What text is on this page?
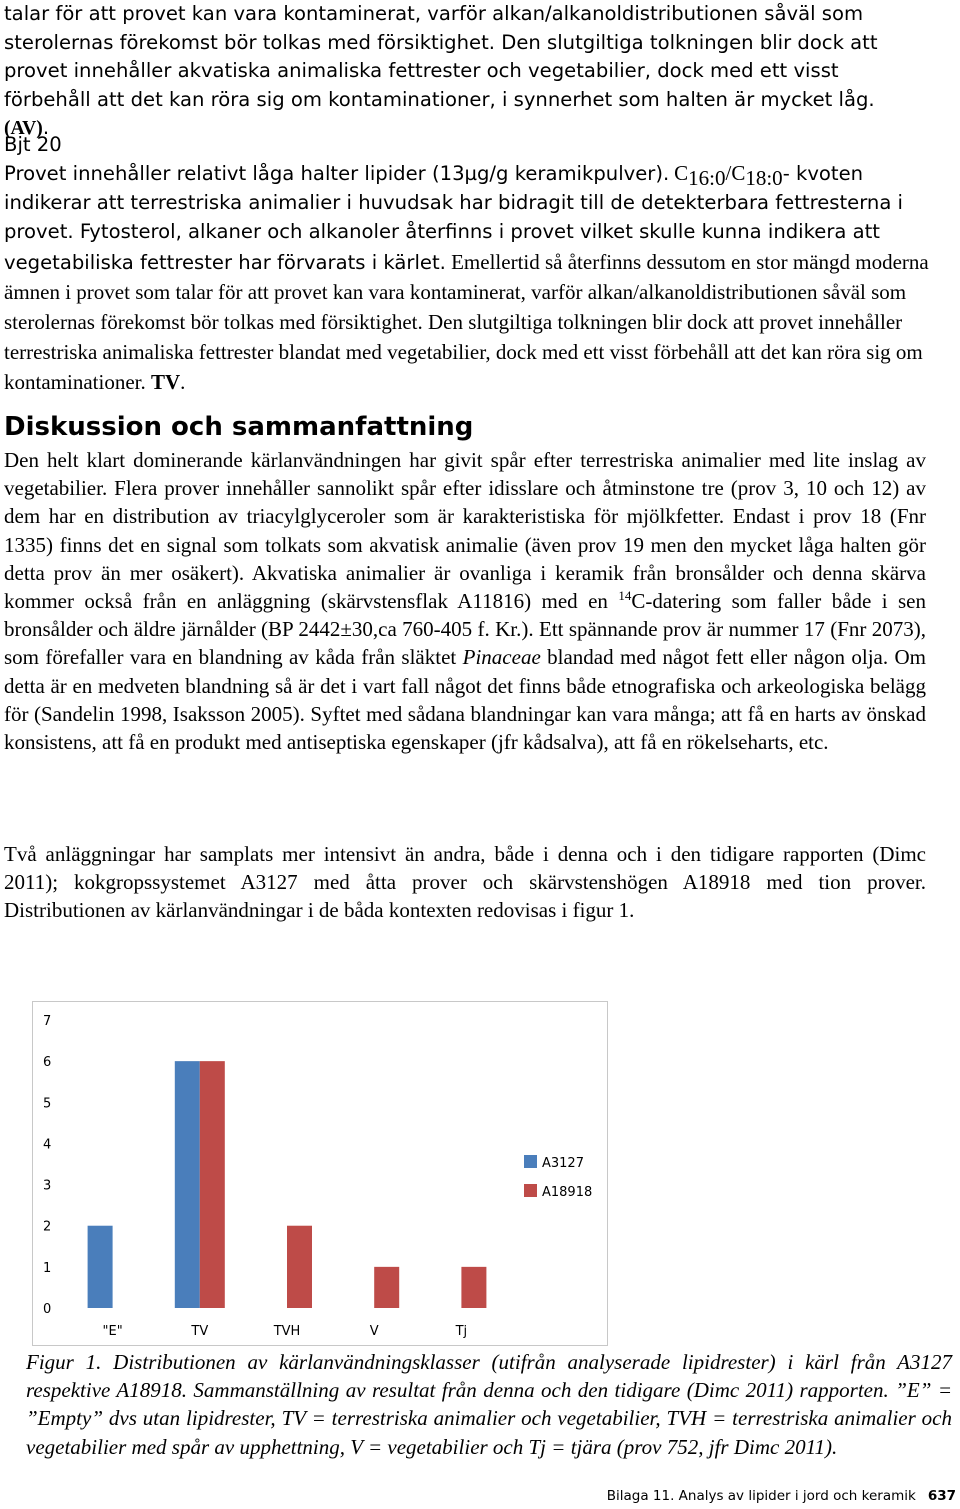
talar för att provet kan vara kontaminerat, varför alkan/alkanoldistributionen såväl som sterolernas förekomst bör tolkas med försiktighet. Den slutgiltiga tolkningen blir dock att provet innehåller akvatiska animaliska fettrester och vegetabilier, dock med ett visst förbehåll att det kan röra sig om kontaminationer, i synnerhet som halten är mycket låg. (AV).
Bjt 20
Provet innehåller relativt låga halter lipider (13µg/g keramikpulver). $C_{16:0}/C_{18:0}-$ kvoten indikerar att terrestriska animalier i huvudsak har bidragit till de detekterbara fettresterna i provet. Fytosterol, alkaner och alkanoler återfinns i provet vilket skulle kunna indikera att vegetabiliska fettrester har förvarats i kärlet. Emellertid så återfinns dessutom en stor mängd moderna ämnen i provet som talar för att provet kan vara kontaminerat, varför alkan/alkanoldistributionen såväl som sterolernas förekomst bör tolkas med försiktighet. Den slutgiltiga tolkningen blir dock att provet innehåller terrestriska animaliska fettrester blandat med vegetabilier, dock med ett visst förbehåll att det kan röra sig om kontaminationer. TV.
Diskussion och sammanfattning
Den helt klart dominerande kärlanvändningen har givit spår efter terrestriska animalier med lite inslag av vegetabilier. Flera prover innehåller sannolikt spår efter idisslare och åtminstone tre (prov 3, 10 och 12) av dem har en distribution av triacylglyceroler som är karakteristiska för mjölkfetter. Endast i prov 18 (Fnr 1335) finns det en signal som tolkats som akvatisk animalie (även prov 19 men den mycket låga halten gör detta prov än mer osäkert). Akvatiska animalier är ovanliga i keramik från bronsålder och denna skärva kommer också från en anläggning (skärvstensflak A11816) med en $^{14}$C-datering som faller både i sen bronsålder och äldre järnålder (BP 2442±30,ca 760-405 f. Kr.). Ett spännande prov är nummer 17 (Fnr 2073), som förefaller vara en blandning av kåda från släktet Pinaceae blandad med något fett eller någon olja. Om detta är en medveten blandning så är det i vart fall något det finns både etnografiska och arkeologiska belägg för (Sandelin 1998, Isaksson 2005). Syftet med sådana blandningar kan vara många; att få en harts av önskad konsistens, att få en produkt med antiseptiska egenskaper (jfr kådsalva), att få en rökelseharts, etc.
Två anläggningar har samplats mer intensivt än andra, både i denna och i den tidigare rapporten (Dimc 2011); kokgropssystemet A3127 med åtta prover och skärvstenshögen A18918 med tion prover. Distributionen av kärlanvändningar i de båda kontexten redovisas i figur 1.
0
1
2
3
4
5
6
7
"E"	TV	TVH	V	Tj
A3127
A18918
Figur 1. Distributionen av kärlanvändningsklasser (utifrån analyserade lipidrester) i kärl från A3127 respektive A18918. Sammanställning av resultat från denna och den tidigare (Dimc 2011) rapporten. ”E” = ”Empty” dvs utan lipidrester, TV = terrestriska animalier och vegetabilier, TVH = terrestriska animalier och vegetabilier med spår av upphettning, V = vegetabilier och Tj = tjära (prov 752, jfr Dimc 2011).
Bilaga 11. Analys av lipider i jord och keramik 637
